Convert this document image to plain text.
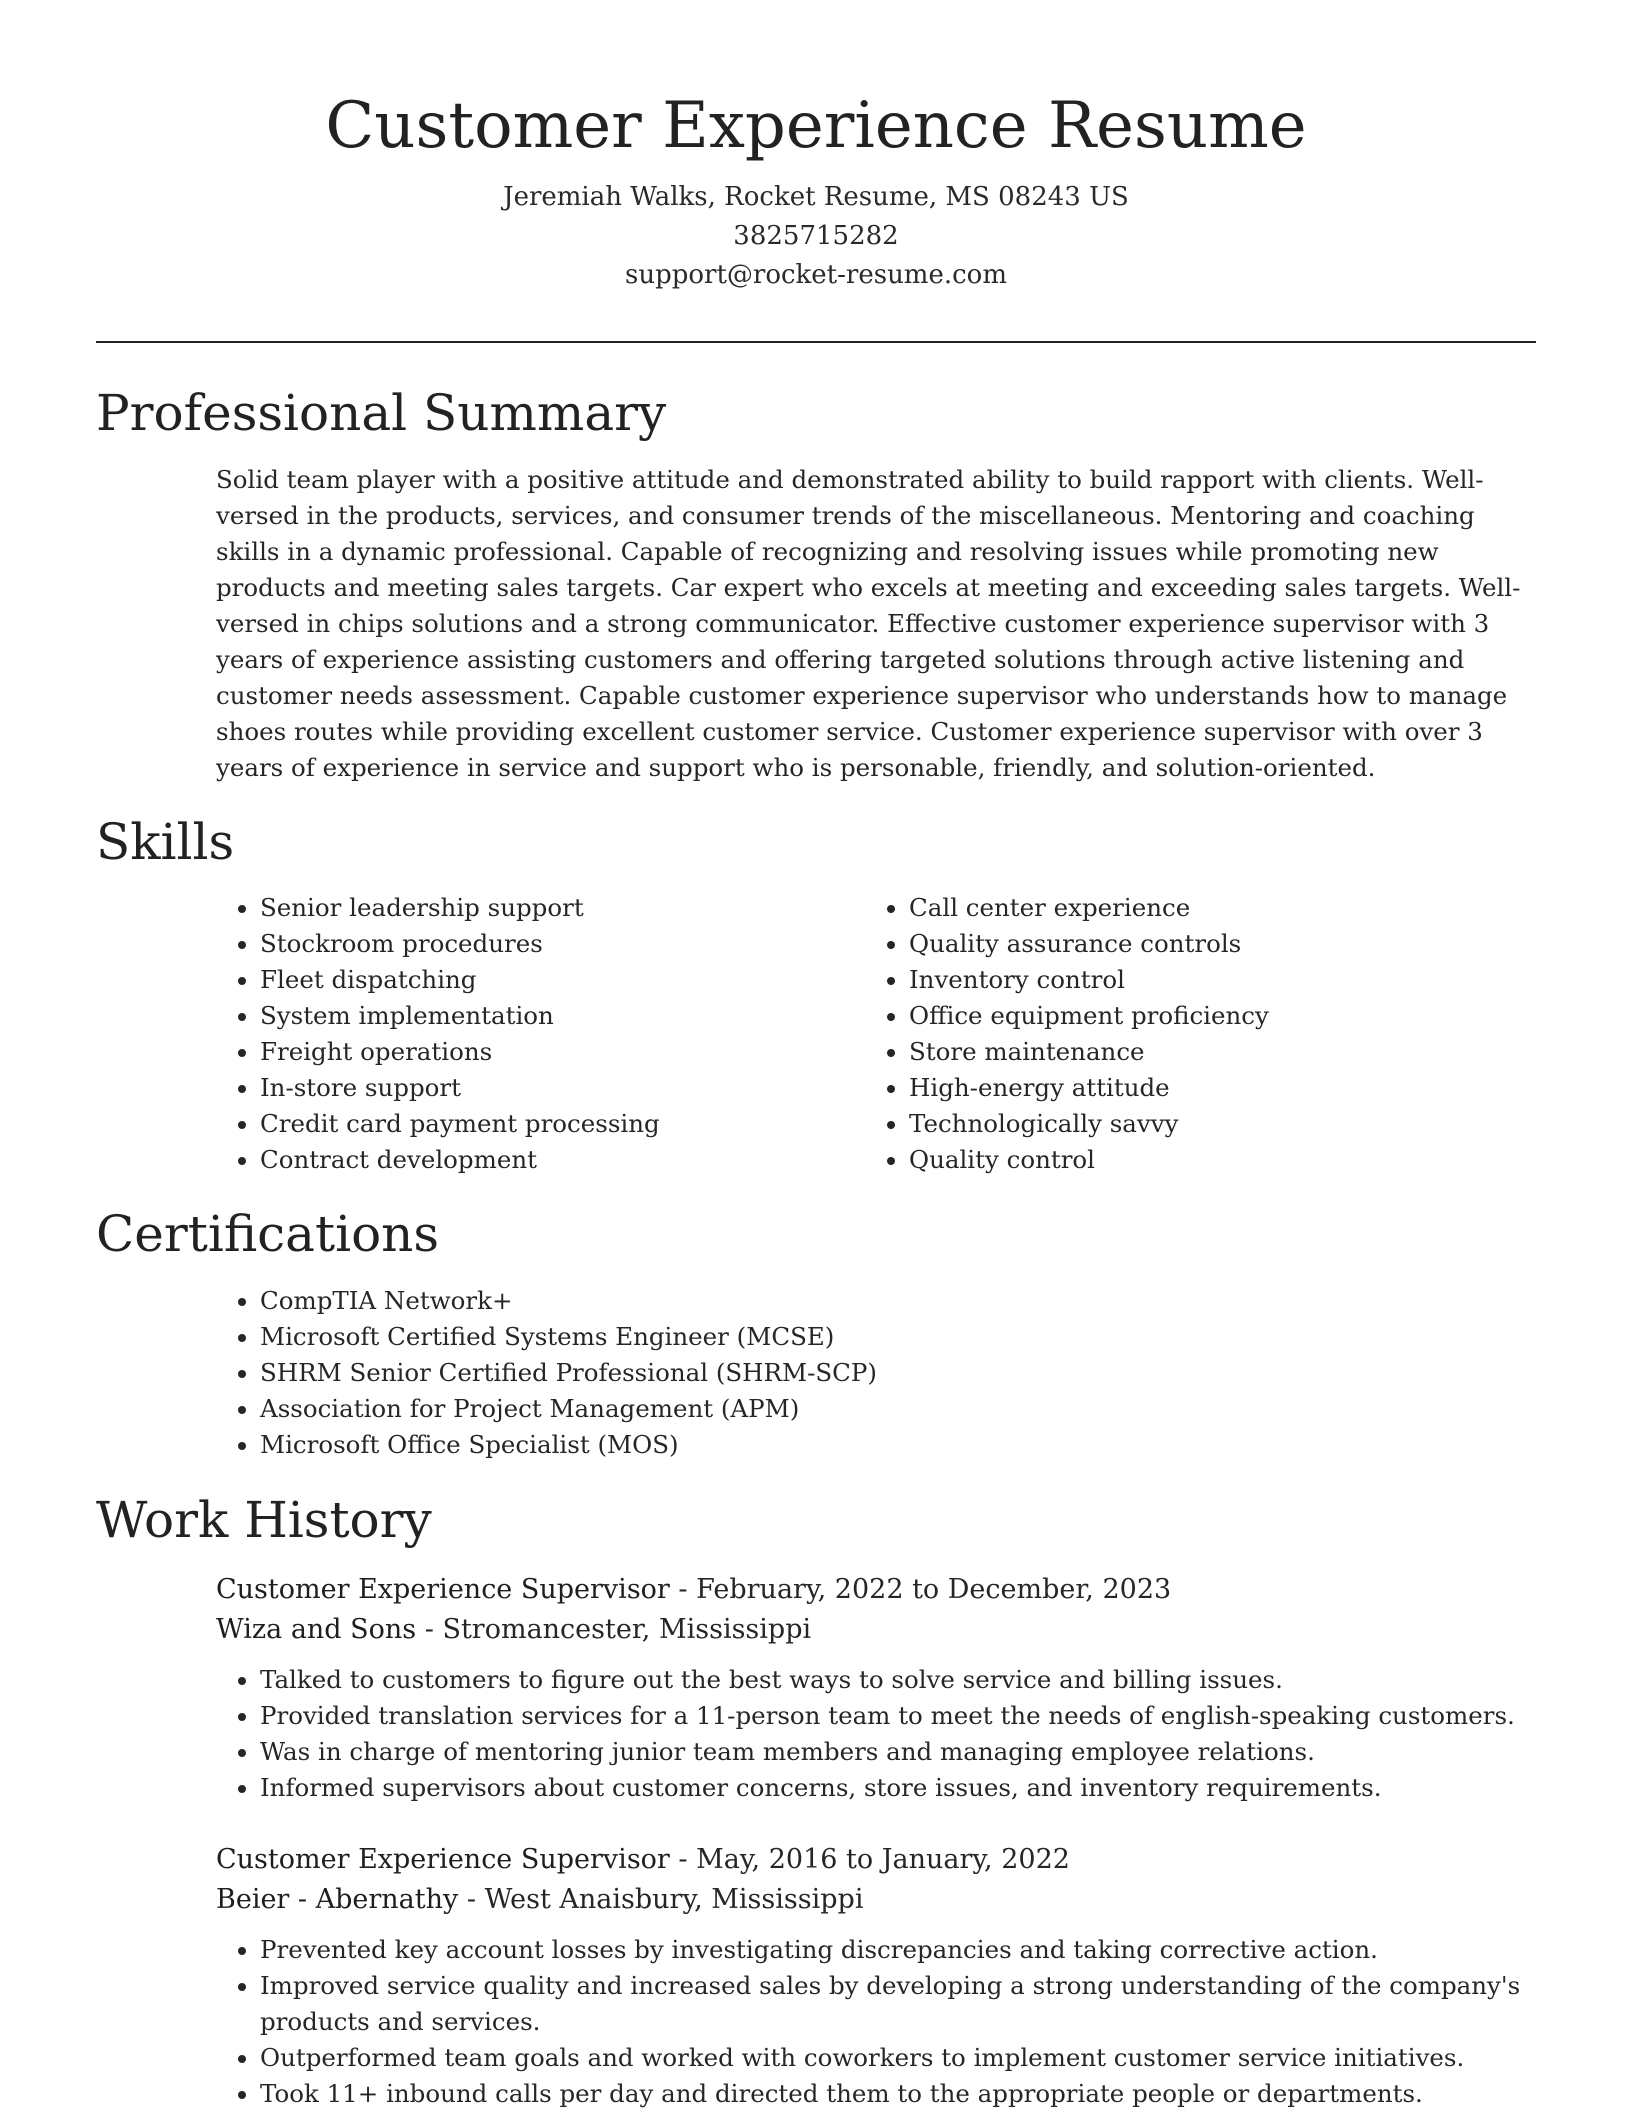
Customer Experience Resume

Jeremiah Walks, Rocket Resume, MS 08243 US

3825715282

support@rocket-resume.com

Professional Summary

Solid team player with a positive attitude and demonstrated ability to build rapport with clients. Well-versed in the products, services, and consumer trends of the miscellaneous. Mentoring and coaching skills in a dynamic professional. Capable of recognizing and resolving issues while promoting new products and meeting sales targets. Car expert who excels at meeting and exceeding sales targets. Well-versed in chips solutions and a strong communicator. Effective customer experience supervisor with 3 years of experience assisting customers and offering targeted solutions through active listening and customer needs assessment. Capable customer experience supervisor who understands how to manage shoes routes while providing excellent customer service. Customer experience supervisor with over 3 years of experience in service and support who is personable, friendly, and solution-oriented.

Skills
• Senior leadership support
• Stockroom procedures
• Fleet dispatching
• System implementation
• Freight operations
• In-store support
• Credit card payment processing
• Contract development
• Call center experience
• Quality assurance controls
• Inventory control
• Office equipment proficiency
• Store maintenance
• High-energy attitude
• Technologically savvy
• Quality control
Certifications
• CompTIA Network+
• Microsoft Certified Systems Engineer (MCSE)
• SHRM Senior Certified Professional (SHRM-SCP)
• Association for Project Management (APM)
• Microsoft Office Specialist (MOS)
Work History

Customer Experience Supervisor - February, 2022 to December, 2023

Wiza and Sons - Stromancester, Mississippi

• Talked to customers to figure out the best ways to solve service and billing issues.
• Provided translation services for a 11-person team to meet the needs of english-speaking customers.
• Was in charge of mentoring junior team members and managing employee relations.
• Informed supervisors about customer concerns, store issues, and inventory requirements.

Customer Experience Supervisor - May, 2016 to January, 2022

Beier - Abernathy - West Anaisbury, Mississippi

• Prevented key account losses by investigating discrepancies and taking corrective action.
• Improved service quality and increased sales by developing a strong understanding of the company's products and services.
• Outperformed team goals and worked with coworkers to implement customer service initiatives.
• Took 11+ inbound calls per day and directed them to the appropriate people or departments.
